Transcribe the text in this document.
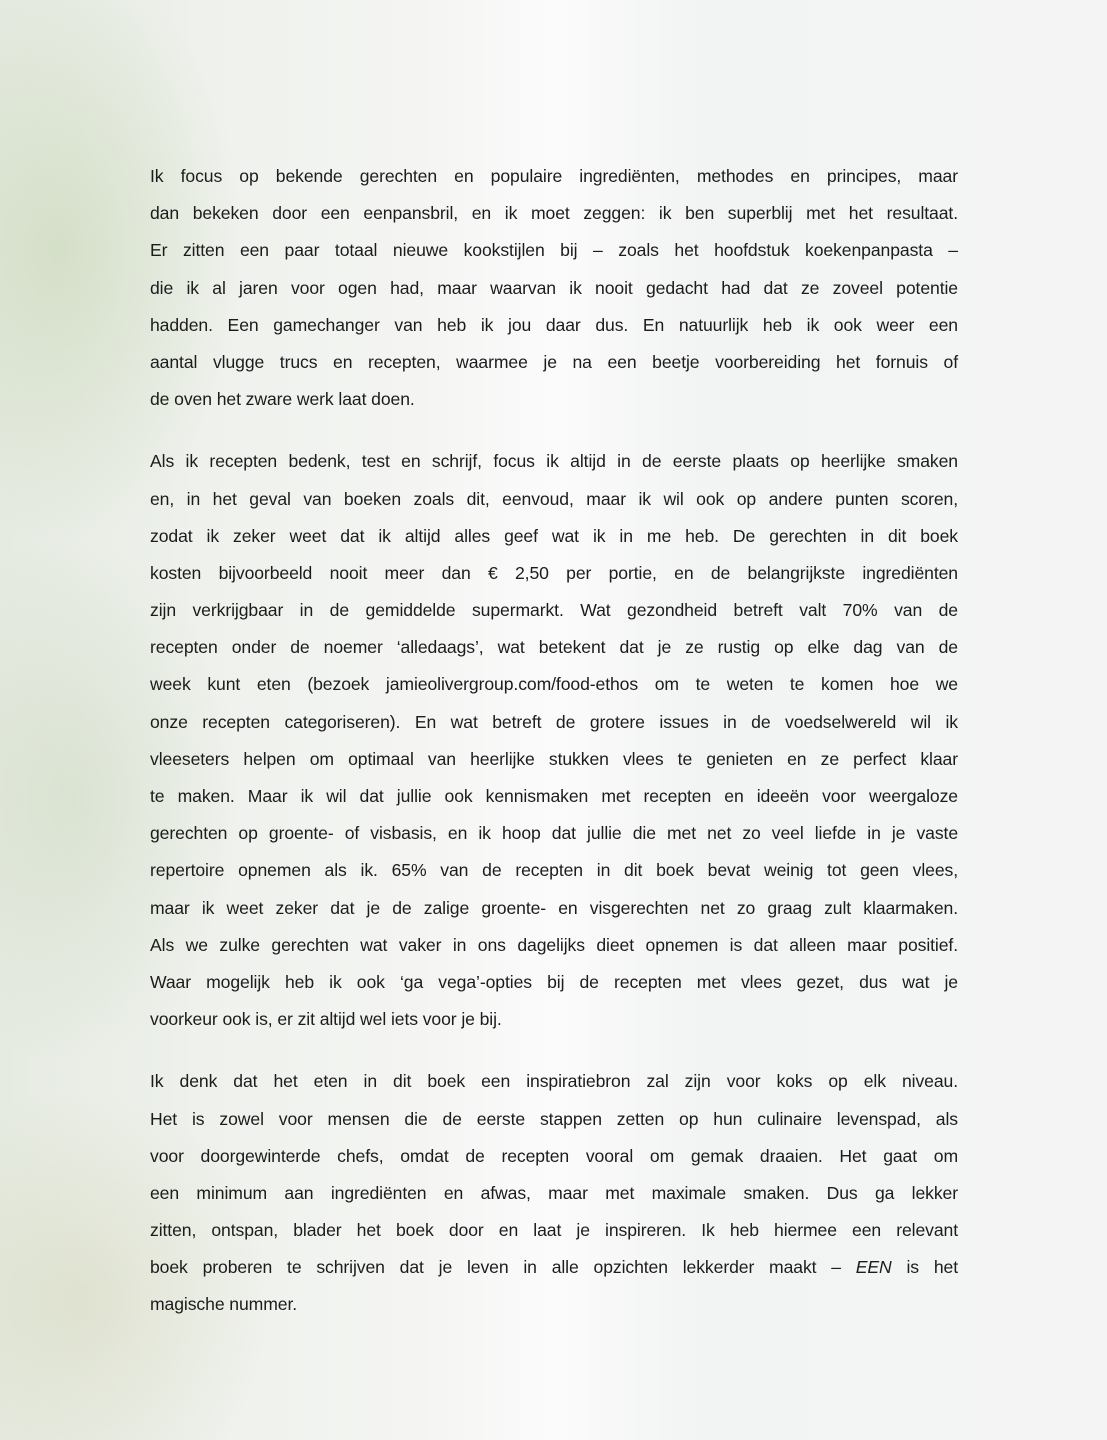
Ik focus op bekende gerechten en populaire ingrediënten, methodes en principes, maar
dan bekeken door een eenpansbril, en ik moet zeggen: ik ben superblij met het resultaat.
Er zitten een paar totaal nieuwe kookstijlen bij – zoals het hoofdstuk koekenpanpasta –
die ik al jaren voor ogen had, maar waarvan ik nooit gedacht had dat ze zoveel potentie
hadden. Een gamechanger van heb ik jou daar dus. En natuurlijk heb ik ook weer een
aantal vlugge trucs en recepten, waarmee je na een beetje voorbereiding het fornuis of
de oven het zware werk laat doen.
Als ik recepten bedenk, test en schrijf, focus ik altijd in de eerste plaats op heerlijke smaken
en, in het geval van boeken zoals dit, eenvoud, maar ik wil ook op andere punten scoren,
zodat ik zeker weet dat ik altijd alles geef wat ik in me heb. De gerechten in dit boek
kosten bijvoorbeeld nooit meer dan € 2,50 per portie, en de belangrijkste ingrediënten
zijn verkrijgbaar in de gemiddelde supermarkt. Wat gezondheid betreft valt 70% van de
recepten onder de noemer ‘alledaags’, wat betekent dat je ze rustig op elke dag van de
week kunt eten (bezoek jamieolivergroup.com/food-ethos om te weten te komen hoe we
onze recepten categoriseren). En wat betreft de grotere issues in de voedselwereld wil ik
vleeseters helpen om optimaal van heerlijke stukken vlees te genieten en ze perfect klaar
te maken. Maar ik wil dat jullie ook kennismaken met recepten en ideeën voor weergaloze
gerechten op groente- of visbasis, en ik hoop dat jullie die met net zo veel liefde in je vaste
repertoire opnemen als ik. 65% van de recepten in dit boek bevat weinig tot geen vlees,
maar ik weet zeker dat je de zalige groente- en visgerechten net zo graag zult klaarmaken.
Als we zulke gerechten wat vaker in ons dagelijks dieet opnemen is dat alleen maar positief.
Waar mogelijk heb ik ook ‘ga vega’-opties bij de recepten met vlees gezet, dus wat je
voorkeur ook is, er zit altijd wel iets voor je bij.
Ik denk dat het eten in dit boek een inspiratiebron zal zijn voor koks op elk niveau.
Het is zowel voor mensen die de eerste stappen zetten op hun culinaire levenspad, als
voor doorgewinterde chefs, omdat de recepten vooral om gemak draaien. Het gaat om
een minimum aan ingrediënten en afwas, maar met maximale smaken. Dus ga lekker
zitten, ontspan, blader het boek door en laat je inspireren. Ik heb hiermee een relevant
boek proberen te schrijven dat je leven in alle opzichten lekkerder maakt – EEN is het
magische nummer.
